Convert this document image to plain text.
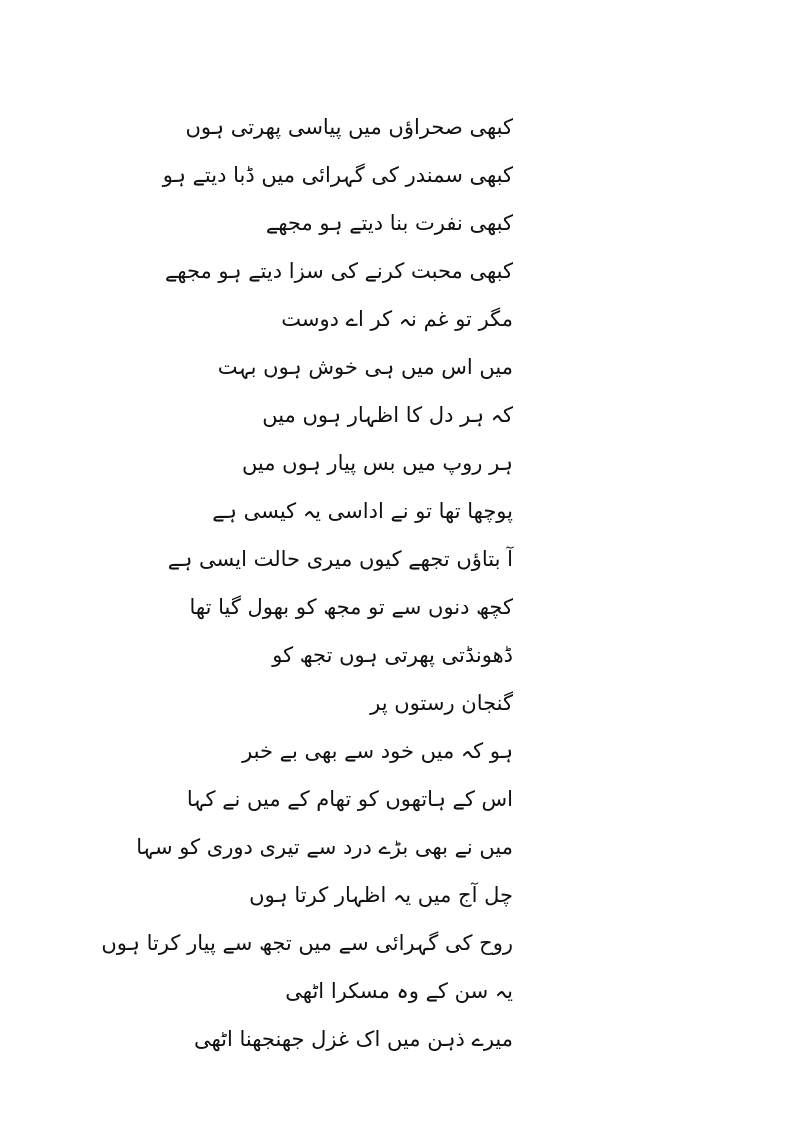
کبھی صحراؤں میں پیاسی پھرتی ہوں
کبھی سمندر کی گہرائی میں ڈبا دیتے ہو
کبھی نفرت بنا دیتے ہو مجھے
کبھی محبت کرنے کی سزا دیتے ہو مجھے
مگر تو غم نہ کر اے دوست
میں اس میں ہی خوش ہوں بہت
کہ ہر دل کا اظہار ہوں میں
ہر روپ میں بس پیار ہوں میں
پوچھا تھا تو نے اداسی یہ کیسی ہے
آ بتاؤں تجھے کیوں میری حالت ایسی ہے
کچھ دنوں سے تو مجھ کو بھول گیا تھا
ڈھونڈتی پھرتی ہوں تجھ کو
گنجان رستوں پر
ہو کہ میں خود سے بھی بے خبر
اس کے ہاتھوں کو تھام کے میں نے کہا
میں نے بھی بڑے درد سے تیری دوری کو سہا
چل آج میں یہ اظہار کرتا ہوں
روح کی گہرائی سے میں تجھ سے پیار کرتا ہوں
یہ سن کے وہ مسکرا اٹھی
میرے ذہن میں اک غزل جھنجھنا اٹھی
